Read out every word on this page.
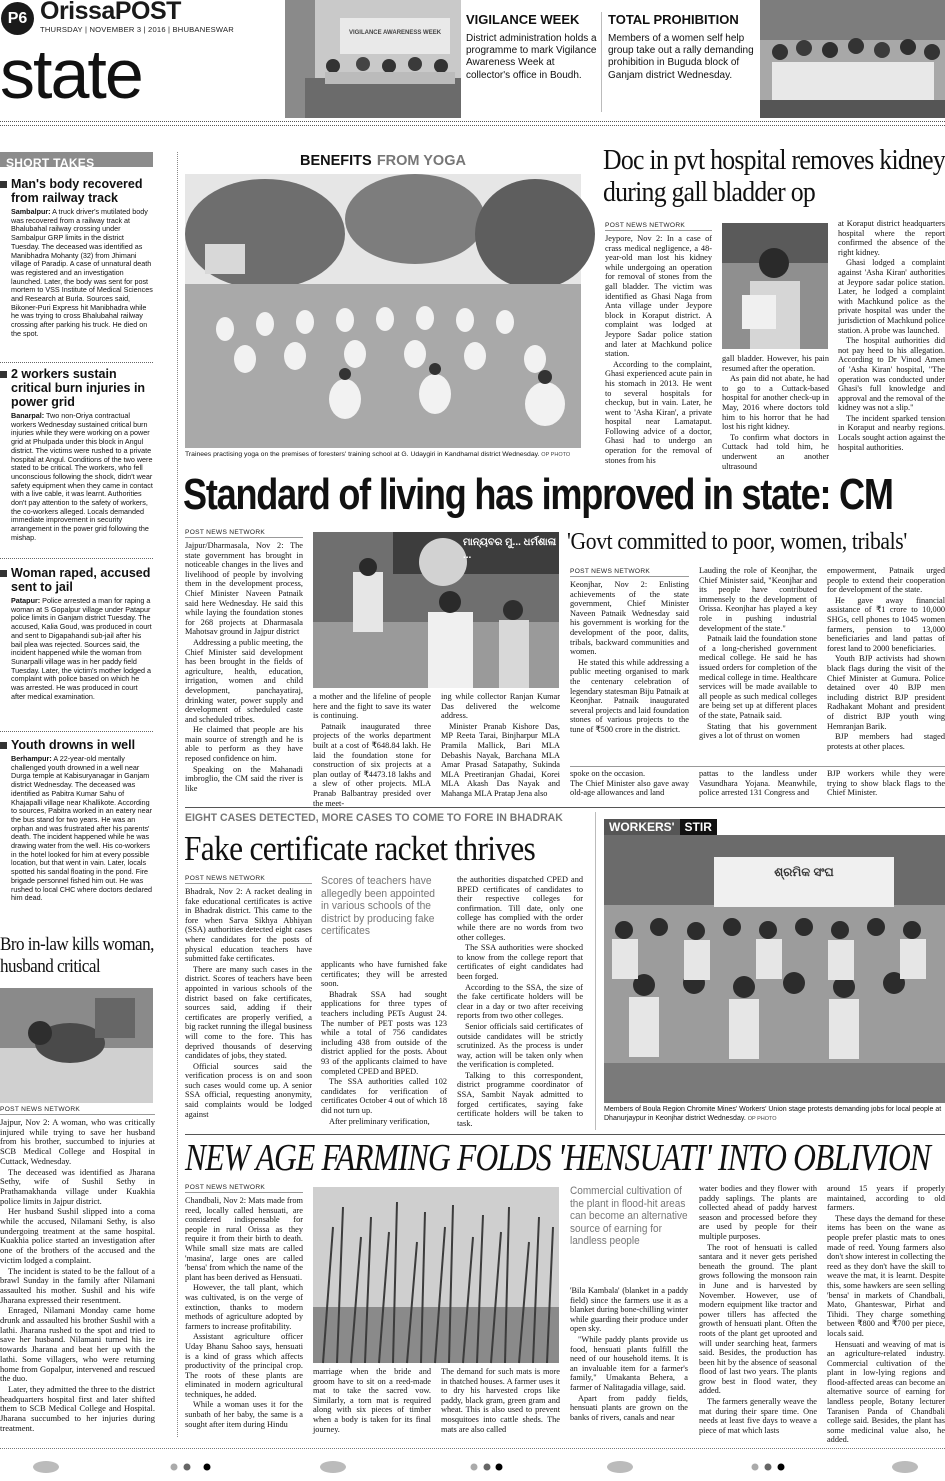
P6 OrissaPOST
THURSDAY | NOVEMBER 3 | 2016 | BHUBANESWAR
state
VIGILANCE AWARENESS WEEK
VIGILANCE WEEK
District administration holds a programme to mark Vigilance Awareness Week at collector's office in Boudh.
TOTAL PROHIBITION
Members of a women self help group take out a rally demanding prohibition in Buguda block of Ganjam district Wednesday.
SHORT TAKES
Man's body recovered from railway track
Sambalpur: A truck driver's mutilated body was recovered from a railway track at Bhalubahal railway crossing under Sambalpur GRP limits in the district Tuesday. The deceased was identified as Manibhadra Mohanty (32) from Jhimani village of Paradip. A case of unnatural death was registered and an investigation launched. Later, the body was sent for post mortem to VSS Institute of Medical Sciences and Research at Burla. Sources said, Bikoner-Puri Express hit Manibhadra while he was trying to cross Bhalubahal railway crossing after parking his truck. He died on the spot.
2 workers sustain critical burn injuries in power grid
Banarpal: Two non-Oriya contractual workers Wednesday sustained critical burn injuries while they were working on a power grid at Phulpada under this block in Angul district. The victims were rushed to a private hospital at Angul. Conditions of the two were stated to be critical. The workers, who fell unconscious following the shock, didn't wear safety equipment when they came in contact with a live cable, it was learnt. Authorities don't pay attention to the safety of workers, the co-workers alleged. Locals demanded immediate improvement in security arrangement in the power grid following the mishap.
Woman raped, accused sent to jail
Patapur: Police arrested a man for raping a woman at S Gopalpur village under Patapur police limits in Ganjam district Tuesday. The accused, Kalia Goud, was produced in court and sent to Digapahandi sub-jail after his bail plea was rejected. Sources said, the incident happened while the woman from Sunarpalli village was in her paddy field Tuesday. Later, the victim's mother lodged a complaint with police based on which he was arrested. He was produced in court after medical examination.
Youth drowns in well
Berhampur: A 22-year-old mentally challenged youth drowned in a well near Durga temple at Kabisuryanagar in Ganjam district Wednesday. The deceased was identified as Pabitra Kumar Sahu of Khajapalli village near Khallikote. According to sources, Pabitra worked in an eatery near the bus stand for two years. He was an orphan and was frustrated after his parents' death. The incident happened while he was drawing water from the well. His co-workers in the hotel looked for him at every possible location, but that went in vain. Later, locals spotted his sandal floating in the pond. Fire brigade personnel fished him out. He was rushed to local CHC where doctors declared him dead.
Bro in-law kills woman, husband critical
POST NEWS NETWORK

Jajpur, Nov 2: A woman, who was critically injured while trying to save her husband from his brother, succumbed to injuries at SCB Medical College and Hospital in Cuttack, Wednesday.

The deceased was identified as Jharana Sethy, wife of Sushil Sethy in Prathamakhanda village under Kuakhia police limits in Jajpur district.

Her husband Sushil slipped into a coma while the accused, Nilamani Sethy, is also undergoing treatment at the same hospital. Kuakhia police started an investigation after one of the brothers of the accused and the victim lodged a complaint.

The incident is stated to be the fallout of a brawl Sunday in the family after Nilamani assaulted his mother. Sushil and his wife Jharana expressed their resentment.

Enraged, Nilamani Monday came home drunk and assaulted his brother Sushil with a lathi. Jharana rushed to the spot and tried to save her husband. Nilamani turned his ire towards Jharana and beat her up with the lathi. Some villagers, who were returning home from Gopalpur, intervened and rescued the duo.

Later, they admitted the three to the district headquarters hospital first and later shifted them to SCB Medical College and Hospital. Jharana succumbed to her injuries during treatment.

BENEFITS FROM YOGA
Trainees practising yoga on the premises of foresters' training school at G. Udaygiri in Kandhamal district Wednesday. OP PHOTO
Doc in pvt hospital removes kidney during gall bladder op
POST NEWS NETWORK

Jeypore, Nov 2: In a case of crass medical negligence, a 48-year-old man lost his kidney while undergoing an operation for removal of stones from the gall bladder. The victim was identified as Ghasi Naga from Anta village under Jeypore block in Koraput district. A complaint was lodged at Jeypore Sadar police station and later at Machkund police station.

According to the complaint, Ghasi experienced acute pain in his stomach in 2013. He went to several hospitals for checkup, but in vain. Later, he went to 'Asha Kiran', a private hospital near Lamataput. Following advice of a doctor, Ghasi had to undergo an operation for the removal of stones from his

gall bladder. However, his pain resumed after the operation.

As pain did not abate, he had to go to a Cuttack-based hospital for another check-up in May, 2016 where doctors told him to his horror that he had lost his right kidney.

To confirm what doctors in Cuttack had told him, he underwent an another ultrasound

at Koraput district headquarters hospital where the report confirmed the absence of the right kidney.

Ghasi lodged a complaint against 'Asha Kiran' authorities at Jeypore sadar police station. Later, he lodged a complaint with Machkund police as the private hospital was under the jurisdiction of Machkund police station. A probe was launched.

The hospital authorities did not pay heed to his allegation. According to Dr Vinod Amen of 'Asha Kiran' hospital, "The operation was conducted under Ghasi's full knowledge and approval and the removal of the kidney was not a slip."

The incident sparked tension in Koraput and nearby regions. Locals sought action against the hospital authorities.

Standard of living has improved in state: CM
POST NEWS NETWORK

Jajpur/Dharmasala, Nov 2: The state government has brought in noticeable changes in the lives and livelihood of people by involving them in the development process, Chief Minister Naveen Patnaik said here Wednesday. He said this while laying the foundation stones for 268 projects at Dharmasala Mahotsav ground in Jajpur district

Addressing a public meeting, the Chief Minister said development has been brought in the fields of agriculture, health, education, irrigation, women and child development, panchayatiraj, drinking water, power supply and development of scheduled caste and scheduled tribes.

He claimed that people are his main source of strength and he is able to perform as they have reposed confidence on him.

Speaking on the Mahanadi imbroglio, the CM said the river is like

ମାନ୍ୟବର ମୁ... ଧର୍ମଶାଳା ...

a mother and the lifeline of people here and the fight to save its water is continuing.

Patnaik inaugurated three projects of the works department built at a cost of ₹648.84 lakh. He laid the foundation stone for construction of six projects at a plan outlay of ₹4473.18 lakhs and a slew of other projects. MLA Pranab Balbantray presided over the meet-

ing while collector Ranjan Kumar Das delivered the welcome address.

Minister Pranab Kishore Das, MP Reeta Tarai, Binjharpur MLA Pramila Mallick, Bari MLA Debashis Nayak, Barchana MLA Amar Prasad Satapathy, Sukinda MLA Preetiranjan Ghadai, Korei MLA Akash Das Nayak and Mahanga MLA Pratap Jena also

'Govt committed to poor, women, tribals'
POST NEWS NETWORK

Keonjhar, Nov 2: Enlisting achievements of the state government, Chief Minister Naveen Patnaik Wednesday said his government is working for the development of the poor, dalits, tribals, backward communities and women.

He stated this while addressing a public meeting organised to mark the centenary celebration of legendary statesman Biju Patnaik at Keonjhar. Patnaik inaugurated several projects and laid foundation stones of various projects to the tune of ₹500 crore in the district.

Lauding the role of Keonjhar, the Chief Minister said, "Keonjhar and its people have contributed immensely to the development of Orissa. Keonjhar has played a key role in pushing industrial development of the state."

Patnaik laid the foundation stone of a long-cherished government medical college. He said he has issued orders for completion of the medical college in time. Healthcare services will be made available to all people as such medical colleges are being set up at different places of the state, Patnaik said.

Stating that his government gives a lot of thrust on women

empowerment, Patnaik urged people to extend their cooperation for development of the state.

He gave away financial assistance of ₹1 crore to 10,000 SHGs, cell phones to 1045 women farmers, pension to 13,000 beneficiaries and land pattas of forest land to 2000 beneficiaries.

Youth BJP activists had shown black flags during the visit of the Chief Minister at Gumura. Police detained over 40 BJP men including district BJP president Radhakant Mohant and president of district BJP youth wing Hemranjan Barik.

BJP members had staged protests at other places.

spoke on the occasion.
The Chief Minister also gave away old-age allowances and land
pattas to the landless under Vasundhara Yojana. Meanwhile, police arrested 131 Congress and
BJP workers while they were trying to show black flags to the Chief Minister.
EIGHT CASES DETECTED, MORE CASES TO COME TO FORE IN BHADRAK
Fake certificate racket thrives
POST NEWS NETWORK

Bhadrak, Nov 2: A racket dealing in fake educational certificates is active in Bhadrak district. This came to the fore when Sarva Sikhya Abhiyan (SSA) authorities detected eight cases where candidates for the posts of physical education teachers have submitted fake certificates.

There are many such cases in the district. Scores of teachers have been appointed in various schools of the district based on fake certificates, sources said, adding if their certificates are properly verified, a big racket running the illegal business will come to the fore. This has deprived thousands of deserving candidates of jobs, they stated.

Official sources said the verification process is on and soon such cases would come up. A senior SSA official, requesting anonymity, said complaints would be lodged against

Scores of teachers have allegedly been appointed in various schools of the district by producing fake certificates

applicants who have furnished fake certificates; they will be arrested soon.

Bhadrak SSA had sought applications for three types of teachers including PETs August 24. The number of PET posts was 123 while a total of 756 candidates including 438 from outside of the district applied for the posts. About 93 of the applicants claimed to have completed CPED and BPED.

The SSA authorities called 102 candidates for verification of certificates October 4 out of which 18 did not turn up.

After preliminary verification,

the authorities dispatched CPED and BPED certificates of candidates to their respective colleges for confirmation. Till date, only one college has complied with the order while there are no words from two other colleges.

The SSA authorities were shocked to know from the college report that certificates of eight candidates had been forged.

According to the SSA, the size of the fake certificate holders will be clear in a day or two after receiving reports from two other colleges.

Senior officials said certificates of outside candidates will be strictly scrutinized. As the process is under way, action will be taken only when the verification is completed.

Talking to this correspondent, district programme coordinator of SSA, Sambit Nayak admitted to forged certificates, saying fake certificate holders will be taken to task.

WORKERS' STIR
ଶ୍ରମିକ ସଂଘ
Members of Boula Region Chromite Mines' Workers' Union stage protests demanding jobs for local people at Dhanurjaypur in Keonjhar district Wednesday. OP PHOTO
NEW AGE FARMING FOLDS 'HENSUATI' INTO OBLIVION
POST NEWS NETWORK

Chandbali, Nov 2: Mats made from reed, locally called hensuati, are considered indispensable for people in rural Orissa as they require it from their birth to death. While small size mats are called 'masina', large ones are called 'bensa' from which the name of the plant has been derived as Hensuati.

However, the tall plant, which was cultivated, is on the verge of extinction, thanks to modern methods of agriculture adopted by farmers to increase profitability.

Assistant agriculture officer Uday Bhanu Sahoo says, hensuati is a kind of grass which affects productivity of the principal crop. The roots of these plants are eliminated in modern agricultural techniques, he added.

While a woman uses it for the sunbath of her baby, the same is a sought after item during Hindu

marriage when the bride and groom have to sit on a reed-made mat to take the sacred vow. Similarly, a torn mat is required along with six pieces of timber when a body is taken for its final journey.

The demand for such mats is more in thatched houses. A farmer uses it to dry his harvested crops like paddy, black gram, green gram and wheat. This is also used to prevent mosquitoes into cattle sheds. The mats are also called

Commercial cultivation of the plant in flood-hit areas can become an alternative source of earning for landless people

'Bila Kambala' (blanket in a paddy field) since the farmers use it as a blanket during bone-chilling winter while guarding their produce under open sky.

"While paddy plants provide us food, hensuati plants fulfill the need of our household items. It is an invaluable item for a farmer's family," Umakanta Behera, a farmer of Nalitagadia village, said.

Apart from paddy fields, hensuati plants are grown on the banks of rivers, canals and near

water bodies and they flower with paddy saplings. The plants are collected ahead of paddy harvest season and processed before they are used by people for their multiple purposes.

The root of hensuati is called santara and it never gets perished beneath the ground. The plant grows following the monsoon rain in June and is harvested by November. However, use of modern equipment like tractor and power tillers has affected the growth of hensuati plant. Often the roots of the plant get uprooted and will under searching heat, farmers said. Besides, the production has been hit by the absence of seasonal flood of last two years. The plants grow best in flood water, they added.

The farmers generally weave the mat during their spare time. One needs at least five days to weave a piece of mat which lasts

around 15 years if properly maintained, according to old farmers.

These days the demand for these items has been on the wane as people prefer plastic mats to ones made of reed. Young farmers also don't show interest in collecting the reed as they don't have the skill to weave the mat, it is learnt. Despite this, some hawkers are seen selling 'bensa' in markets of Chandbali, Mato, Ghanteswar, Pirhat and Tihidi. They charge something between ₹800 and ₹700 per piece, locals said.

Hensuati and weaving of mat is an agriculture-related industry. Commercial cultivation of the plant in low-lying regions and flood-affected areas can become an alternative source of earning for landless people, Botany lecturer Taranisen Panda of Chandbali college said. Besides, the plant has some medicinal value also, he added.
